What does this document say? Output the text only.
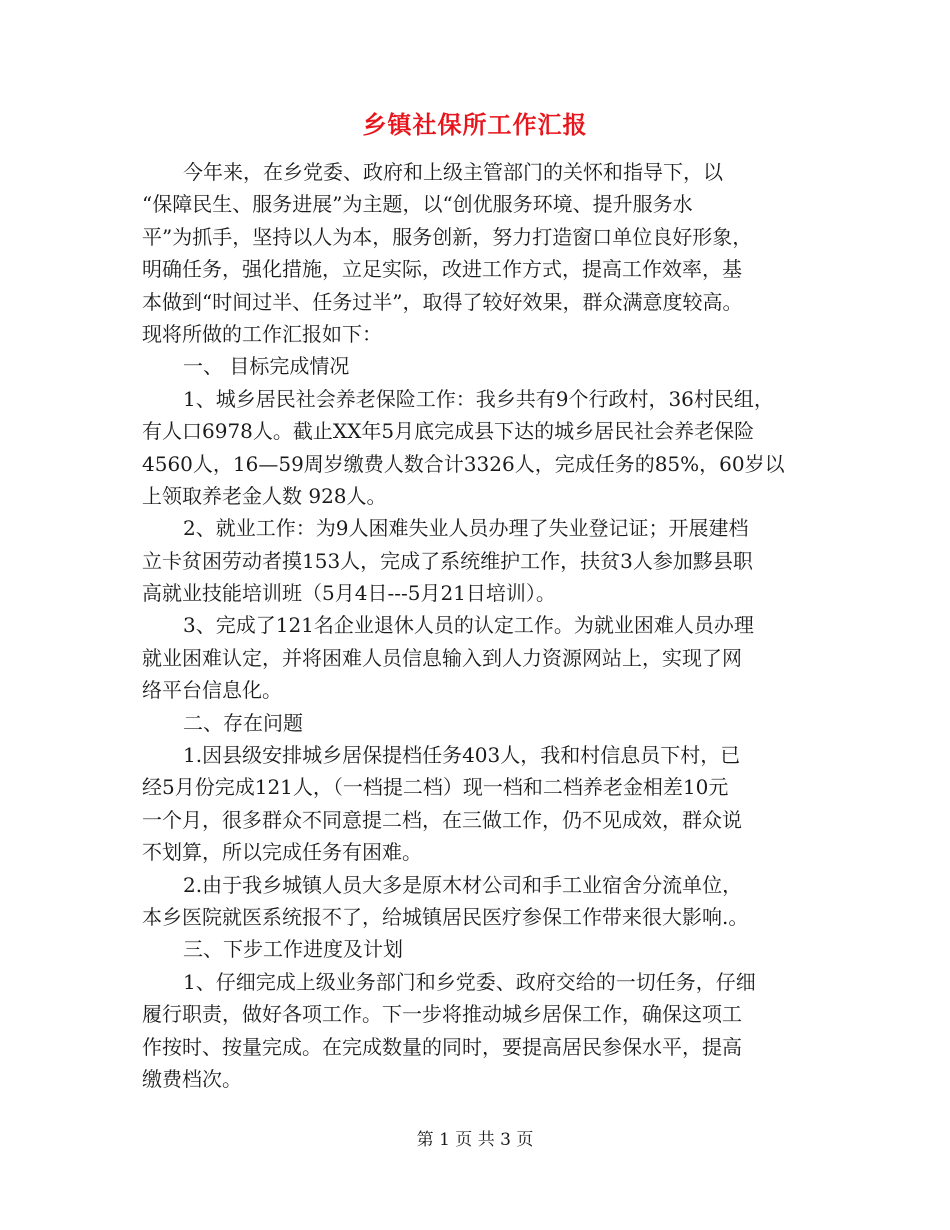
乡镇社保所工作汇报
今年来，在乡党委、政府和上级主管部门的关怀和指导下，以
“保障民生、服务进展”为主题，以“创优服务环境、提升服务水
平”为抓手，坚持以人为本，服务创新，努力打造窗口单位良好形象，
明确任务，强化措施，立足实际，改进工作方式，提高工作效率，基
本做到“时间过半、任务过半”，取得了较好效果，群众满意度较高。
现将所做的工作汇报如下：
一、 目标完成情况
1、城乡居民社会养老保险工作：我乡共有9个行政村，36村民组，
有人口6978人。截止XX年5月底完成县下达的城乡居民社会养老保险
4560人，16—59周岁缴费人数合计3326人，完成任务的85%，60岁以
上领取养老金人数 928人。
2、就业工作：为9人困难失业人员办理了失业登记证；开展建档
立卡贫困劳动者摸153人，完成了系统维护工作，扶贫3人参加黟县职
高就业技能培训班（5月4日---5月21日培训）。
3、完成了121名企业退休人员的认定工作。为就业困难人员办理
就业困难认定，并将困难人员信息输入到人力资源网站上，实现了网
络平台信息化。
二、存在问题
1.因县级安排城乡居保提档任务403人，我和村信息员下村，已
经5月份完成121人，（一档提二档）现一档和二档养老金相差10元
一个月，很多群众不同意提二档，在三做工作，仍不见成效，群众说
不划算，所以完成任务有困难。
2.由于我乡城镇人员大多是原木材公司和手工业宿舍分流单位，
本乡医院就医系统报不了，给城镇居民医疗参保工作带来很大影响.。
三、下步工作进度及计划
1、仔细完成上级业务部门和乡党委、政府交给的一切任务，仔细
履行职责，做好各项工作。下一步将推动城乡居保工作，确保这项工
作按时、按量完成。在完成数量的同时，要提高居民参保水平，提高
缴费档次。
第 1 页 共 3 页
